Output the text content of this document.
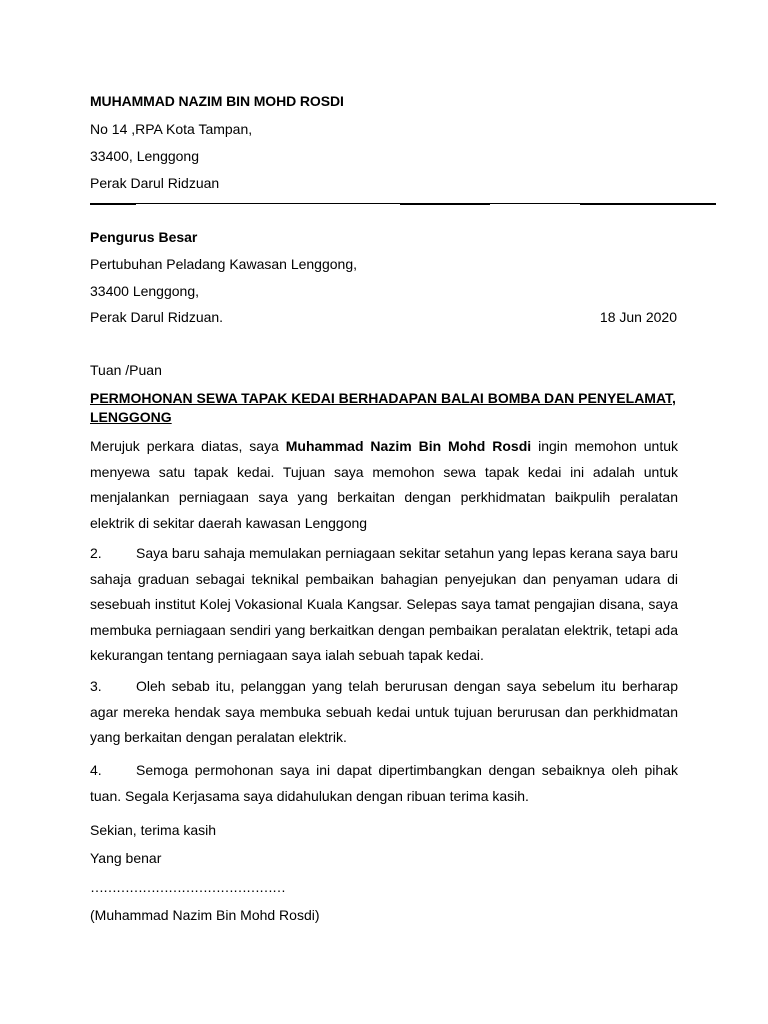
MUHAMMAD NAZIM BIN MOHD ROSDI
No 14 ,RPA Kota Tampan,
33400, Lenggong
Perak Darul Ridzuan
Pengurus Besar
Pertubuhan Peladang Kawasan Lenggong,
33400 Lenggong,
Perak Darul Ridzuan.	18 Jun 2020
Tuan /Puan
PERMOHONAN SEWA TAPAK KEDAI BERHADAPAN BALAI BOMBA DAN PENYELAMAT, LENGGONG
Merujuk perkara diatas, saya Muhammad Nazim Bin Mohd Rosdi ingin memohon untuk menyewa satu tapak kedai. Tujuan saya memohon sewa tapak kedai ini adalah untuk menjalankan perniagaan saya yang berkaitan dengan perkhidmatan baikpulih peralatan elektrik di sekitar daerah kawasan Lenggong
2. Saya baru sahaja memulakan perniagaan sekitar setahun yang lepas kerana saya baru sahaja graduan sebagai teknikal pembaikan bahagian penyejukan dan penyaman udara di sesebuah institut Kolej Vokasional Kuala Kangsar. Selepas saya tamat pengajian disana, saya membuka perniagaan sendiri yang berkaitkan dengan pembaikan peralatan elektrik, tetapi ada kekurangan tentang perniagaan saya ialah sebuah tapak kedai.
3. Oleh sebab itu, pelanggan yang telah berurusan dengan saya sebelum itu berharap agar mereka hendak saya membuka sebuah kedai untuk tujuan berurusan dan perkhidmatan yang berkaitan dengan peralatan elektrik.
4. Semoga permohonan saya ini dapat dipertimbangkan dengan sebaiknya oleh pihak tuan. Segala Kerjasama saya didahulukan dengan ribuan terima kasih.
Sekian, terima kasih
Yang benar
………………………………………
(Muhammad Nazim Bin Mohd Rosdi)
